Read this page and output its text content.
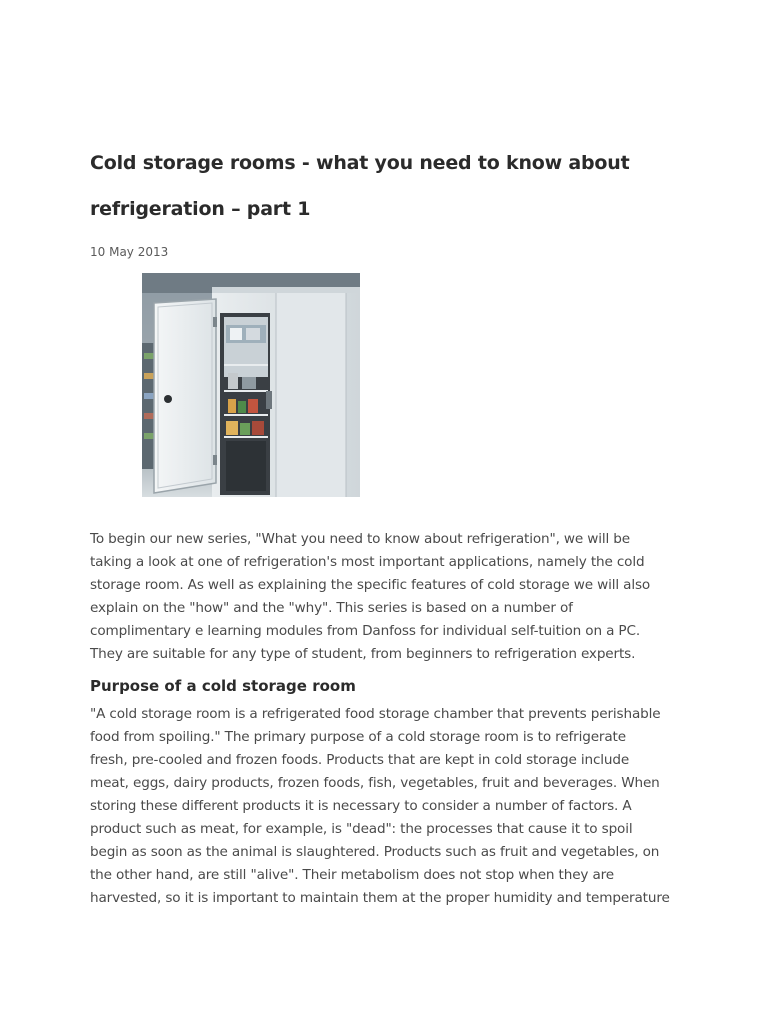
Cold storage rooms - what you need to know about
refrigeration – part 1
10 May 2013

To begin our new series, "What you need to know about refrigeration", we will be
taking a look at one of refrigeration's most important applications, namely the cold
storage room. As well as explaining the specific features of cold storage we will also
explain on the "how" and the "why". This series is based on a number of
complimentary e learning modules from Danfoss for individual self-tuition on a PC.
They are suitable for any type of student, from beginners to refrigeration experts.

Purpose of a cold storage room

"A cold storage room is a refrigerated food storage chamber that prevents perishable
food from spoiling." The primary purpose of a cold storage room is to refrigerate
fresh, pre-cooled and frozen foods. Products that are kept in cold storage include
meat, eggs, dairy products, frozen foods, fish, vegetables, fruit and beverages. When
storing these different products it is necessary to consider a number of factors. A
product such as meat, for example, is "dead": the processes that cause it to spoil
begin as soon as the animal is slaughtered. Products such as fruit and vegetables, on
the other hand, are still "alive". Their metabolism does not stop when they are
harvested, so it is important to maintain them at the proper humidity and temperature
